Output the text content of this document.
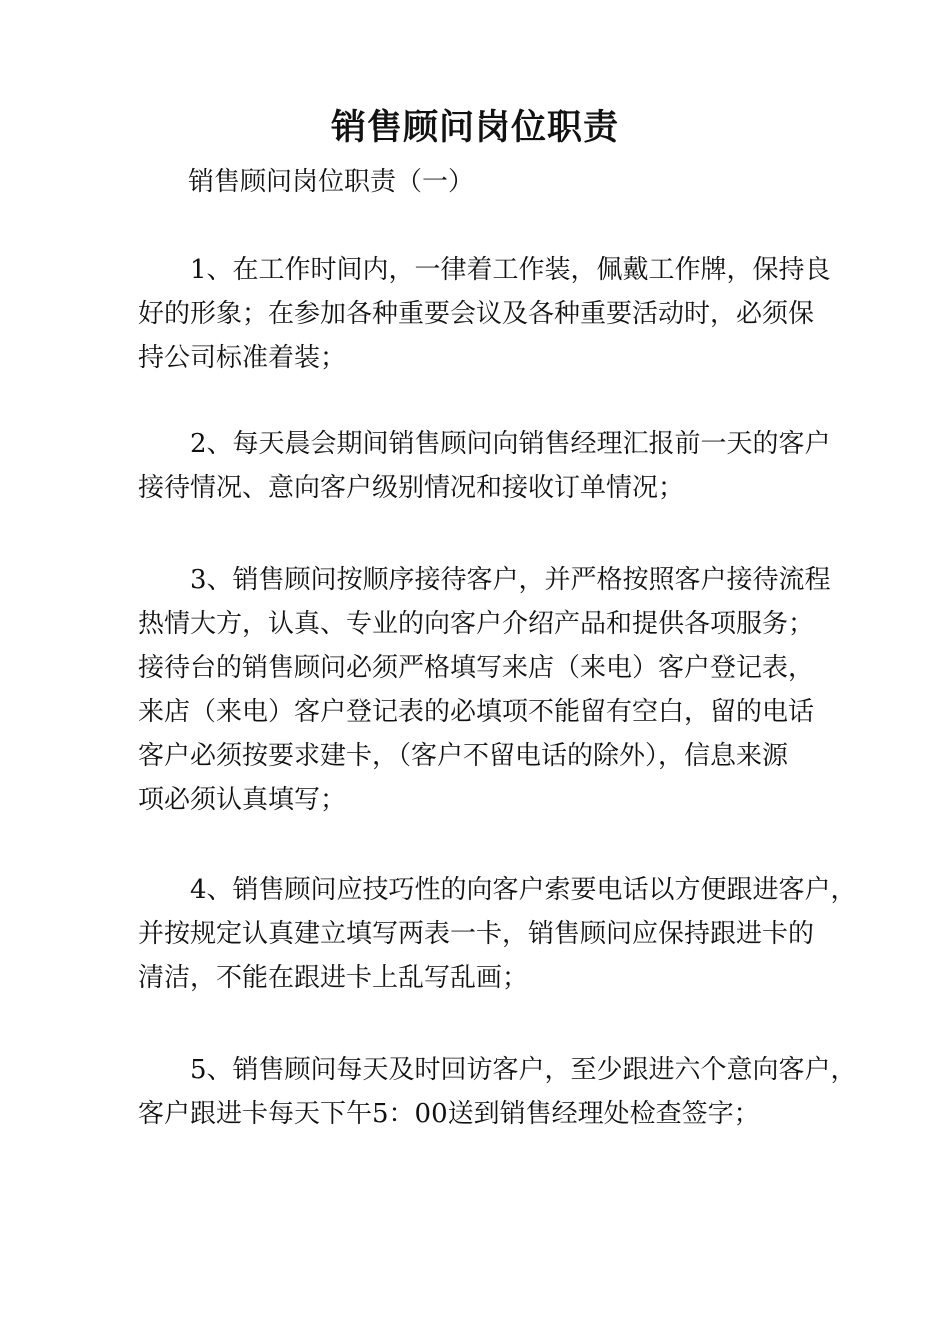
销售顾问岗位职责

销售顾问岗位职责（一）

1、在工作时间内，一律着工作装，佩戴工作牌，保持良
好的形象；在参加各种重要会议及各种重要活动时，必须保
持公司标准着装；

2、每天晨会期间销售顾问向销售经理汇报前一天的客户
接待情况、意向客户级别情况和接收订单情况；

3、销售顾问按顺序接待客户，并严格按照客户接待流程
热情大方，认真、专业的向客户介绍产品和提供各项服务；
接待台的销售顾问必须严格填写来店（来电）客户登记表，
来店（来电）客户登记表的必填项不能留有空白，留的电话
客户必须按要求建卡，（客户不留电话的除外），信息来源
项必须认真填写；

4、销售顾问应技巧性的向客户索要电话以方便跟进客户，
并按规定认真建立填写两表一卡，销售顾问应保持跟进卡的
清洁，不能在跟进卡上乱写乱画；

5、销售顾问每天及时回访客户，至少跟进六个意向客户，
客户跟进卡每天下午5：00送到销售经理处检查签字；
